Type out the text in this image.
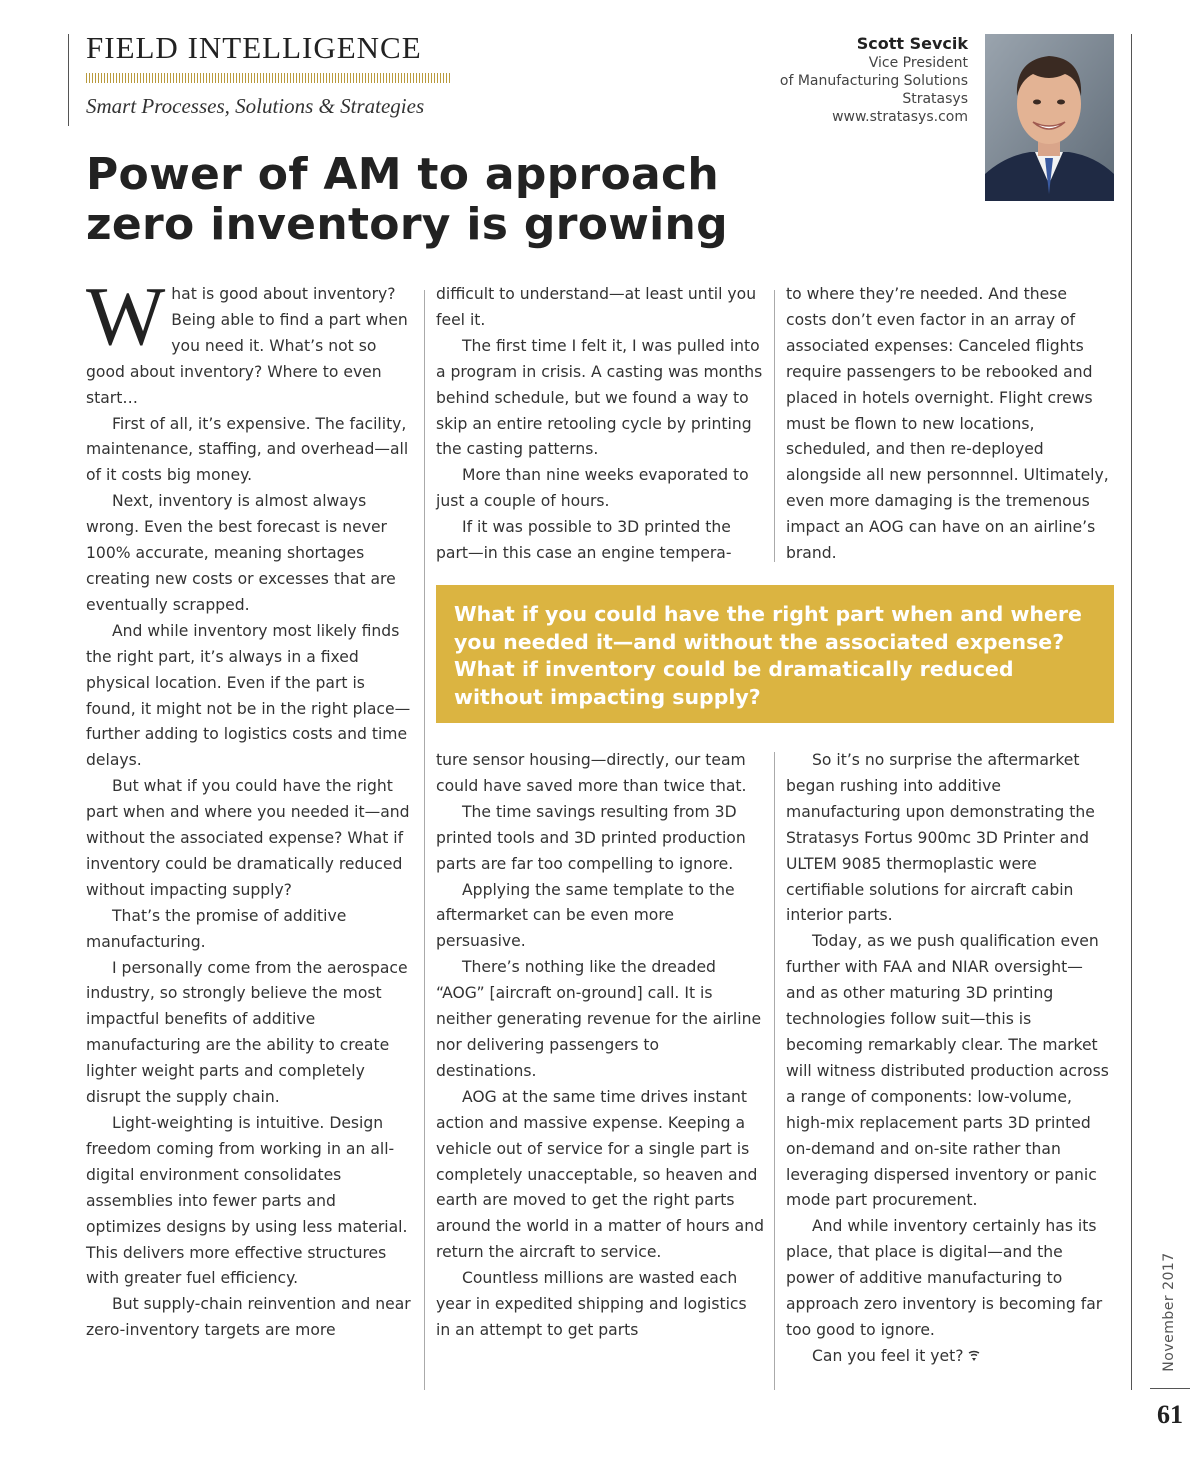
FIELD INTELLIGENCE
Smart Processes, Solutions & Strategies
Scott Sevcik
Vice President
of Manufacturing Solutions
Stratasys
www.stratasys.com
Power of AM to approach
zero inventory is growing

What is good about inventory? Being able to find a part when you need it. What’s not so good about inventory? Where to even start…

First of all, it’s expensive. The facility, maintenance, staffing, and overhead—all of it costs big money.

Next, inventory is almost always wrong. Even the best forecast is never 100% accurate, meaning shortages creating new costs or excesses that are eventually scrapped.

And while inventory most likely finds the right part, it’s always in a fixed physical location. Even if the part is found, it might not be in the right place—further adding to logistics costs and time delays.

But what if you could have the right part when and where you needed it—and without the associated expense? What if inventory could be dramatically reduced without impacting supply?

That’s the promise of additive manufacturing.

I personally come from the aerospace industry, so strongly believe the most impactful benefits of additive manufacturing are the ability to create lighter weight parts and completely disrupt the supply chain.

Light-weighting is intuitive. Design freedom coming from working in an all-digital environment consolidates assemblies into fewer parts and optimizes designs by using less material. This delivers more effective structures with greater fuel efficiency.

But supply-chain reinvention and near zero-inventory targets are more

difficult to understand—at least until you feel it.

The first time I felt it, I was pulled into a program in crisis. A casting was months behind schedule, but we found a way to skip an entire retooling cycle by printing the casting patterns.

More than nine weeks evaporated to just a couple of hours.

If it was possible to 3D printed the part—in this case an engine tempera-

to where they’re needed. And these costs don’t even factor in an array of associated expenses: Canceled flights require passengers to be rebooked and placed in hotels overnight. Flight crews must be flown to new locations, scheduled, and then re-deployed alongside all new personnnel. Ultimately, even more damaging is the tremenous impact an AOG can have on an airline’s brand.

What if you could have the right part when and where you needed it—and without the associated expense? What if inventory could be dramatically reduced without impacting supply?

ture sensor housing—directly, our team could have saved more than twice that.

The time savings resulting from 3D printed tools and 3D printed production parts are far too compelling to ignore.

Applying the same template to the aftermarket can be even more persuasive.

There’s nothing like the dreaded “AOG” [aircraft on-ground] call. It is neither generating revenue for the airline nor delivering passengers to destinations.

AOG at the same time drives instant action and massive expense. Keeping a vehicle out of service for a single part is completely unacceptable, so heaven and earth are moved to get the right parts around the world in a matter of hours and return the aircraft to service.

Countless millions are wasted each year in expedited shipping and logistics in an attempt to get parts

So it’s no surprise the aftermarket began rushing into additive manufacturing upon demonstrating the Stratasys Fortus 900mc 3D Printer and ULTEM 9085 thermoplastic were certifiable solutions for aircraft cabin interior parts.

Today, as we push qualification even further with FAA and NIAR oversight—and as other maturing 3D printing technologies follow suit—this is becoming remarkably clear. The market will witness distributed production across a range of components: low-volume, high-mix replacement parts 3D printed on-demand and on-site rather than leveraging dispersed inventory or panic mode part procurement.

And while inventory certainly has its place, that place is digital—and the power of additive manufacturing to approach zero inventory is becoming far too good to ignore.

Can you feel it yet?	November 2017
61
